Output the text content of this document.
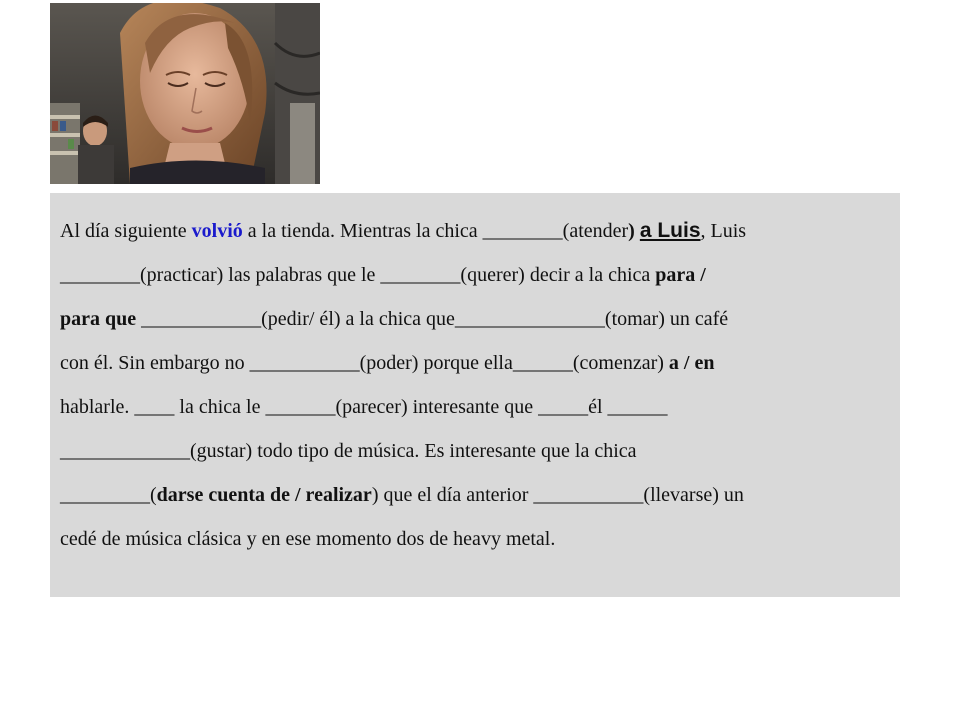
Al día siguiente volvió a la tienda. Mientras la chica ________(atender) a Luis, Luis
________(practicar) las palabras que le ________(querer) decir a la chica para /
para que ____________(pedir/ él) a la chica que_______________(tomar) un café
con él. Sin embargo no ___________(poder) porque ella______(comenzar) a / en
hablarle. ____ la chica le _______(parecer) interesante que _____él ______
_____________(gustar) todo tipo de música. Es interesante que la chica
_________(darse cuenta de / realizar) que el día anterior ___________(llevarse) un
cedé de música clásica y en ese momento dos de heavy metal.
